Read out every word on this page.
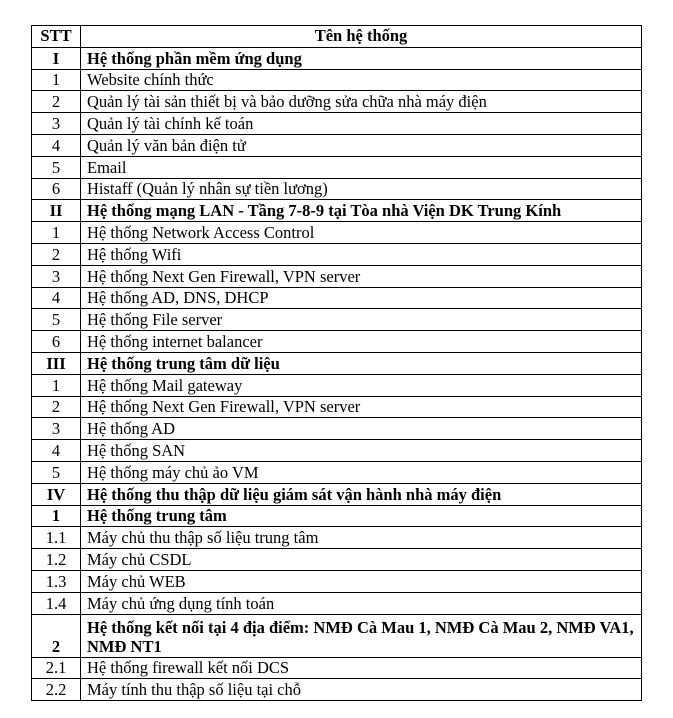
STT	Tên hệ thống
I	Hệ thống phần mềm ứng dụng
1	Website chính thức
2	Quản lý tài sản thiết bị và bảo dưỡng sửa chữa nhà máy điện
3	Quản lý tài chính kế toán
4	Quản lý văn bản điện tử
5	Email
6	Histaff (Quản lý nhân sự tiền lương)
II	Hệ thống mạng LAN - Tầng 7-8-9 tại Tòa nhà Viện DK Trung Kính
1	Hệ thống Network Access Control
2	Hệ thống Wifi
3	Hệ thống Next Gen Firewall, VPN server
4	Hệ thống AD, DNS, DHCP
5	Hệ thống File server
6	Hệ thống internet balancer
III	Hệ thống trung tâm dữ liệu
1	Hệ thống Mail gateway
2	Hệ thống Next Gen Firewall, VPN server
3	Hệ thống AD
4	Hệ thống SAN
5	Hệ thống máy chủ ảo VM
IV	Hệ thống thu thập dữ liệu giám sát vận hành nhà máy điện
1	Hệ thống trung tâm
1.1	Máy chủ thu thập số liệu trung tâm
1.2	Máy chủ CSDL
1.3	Máy chủ WEB
1.4	Máy chủ ứng dụng tính toán
2	Hệ thống kết nối tại 4 địa điểm: NMĐ Cà Mau 1, NMĐ Cà Mau 2, NMĐ VA1, NMĐ NT1
2.1	Hệ thống firewall kết nối DCS
2.2	Máy tính thu thập số liệu tại chỗ
